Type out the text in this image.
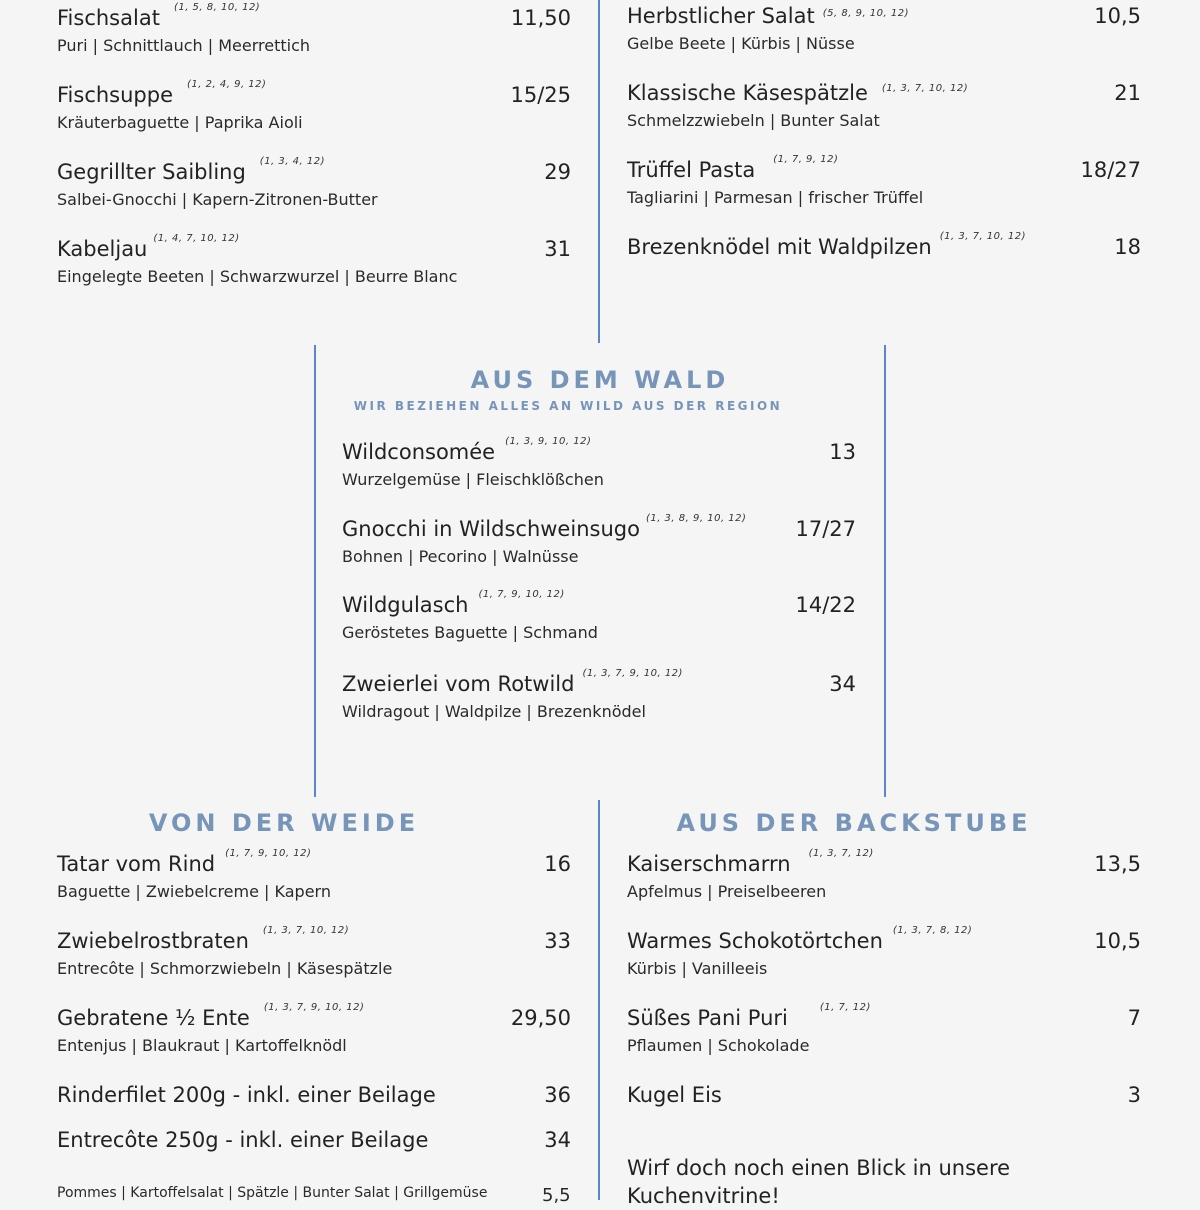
Fischsalat (1, 5, 8, 10, 12)	11,50
Puri | Schnittlauch | Meerrettich
Fischsuppe (1, 2, 4, 9, 12)	15/25
Kräuterbaguette | Paprika Aioli
Gegrillter Saibling (1, 3, 4, 12)	29
Salbei-Gnocchi | Kapern-Zitronen-Butter
Kabeljau (1, 4, 7, 10, 12)	31
Eingelegte Beeten | Schwarzwurzel | Beurre Blanc
Herbstlicher Salat (5, 8, 9, 10, 12)	10,5
Gelbe Beete | Kürbis | Nüsse
Klassische Käsespätzle (1, 3, 7, 10, 12)	21
Schmelzzwiebeln | Bunter Salat
Trüffel Pasta (1, 7, 9, 12)	18/27
Tagliarini | Parmesan | frischer Trüffel
Brezenknödel mit Waldpilzen (1, 3, 7, 10, 12)	18
AUS DEM WALD
WIR BEZIEHEN ALLES AN WILD AUS DER REGION
Wildconsomée (1, 3, 9, 10, 12)	13
Wurzelgemüse | Fleischklößchen
Gnocchi in Wildschweinsugo (1, 3, 8, 9, 10, 12) 17/27
Bohnen | Pecorino | Walnüsse
Wildgulasch (1, 7, 9, 10, 12)	14/22
Geröstetes Baguette | Schmand
Zweierlei vom Rotwild (1, 3, 7, 9, 10, 12)	34
Wildragout | Waldpilze | Brezenknödel
VON DER WEIDE
Tatar vom Rind (1, 7, 9, 10, 12)	16
Baguette | Zwiebelcreme | Kapern
Zwiebelrostbraten (1, 3, 7, 10, 12)	33
Entrecôte | Schmorzwiebeln | Käsespätzle
Gebratene ½ Ente (1, 3, 7, 9, 10, 12)	29,50
Entenjus | Blaukraut | Kartoffelknödl
Rinderfilet 200g - inkl. einer Beilage	36
Entrecôte 250g - inkl. einer Beilage	34
Pommes | Kartoffelsalat | Spätzle | Bunter Salat | Grillgemüse	5,5
AUS DER BACKSTUBE
Kaiserschmarrn (1, 3, 7, 12)	13,5
Apfelmus | Preiselbeeren
Warmes Schokotörtchen (1, 3, 7, 8, 12)	10,5
Kürbis | Vanilleeis
Süßes Pani Puri	(1, 7, 12)	7
Pflaumen | Schokolade
Kugel Eis	3
Wirf doch noch einen Blick in unsere
Kuchenvitrine!
